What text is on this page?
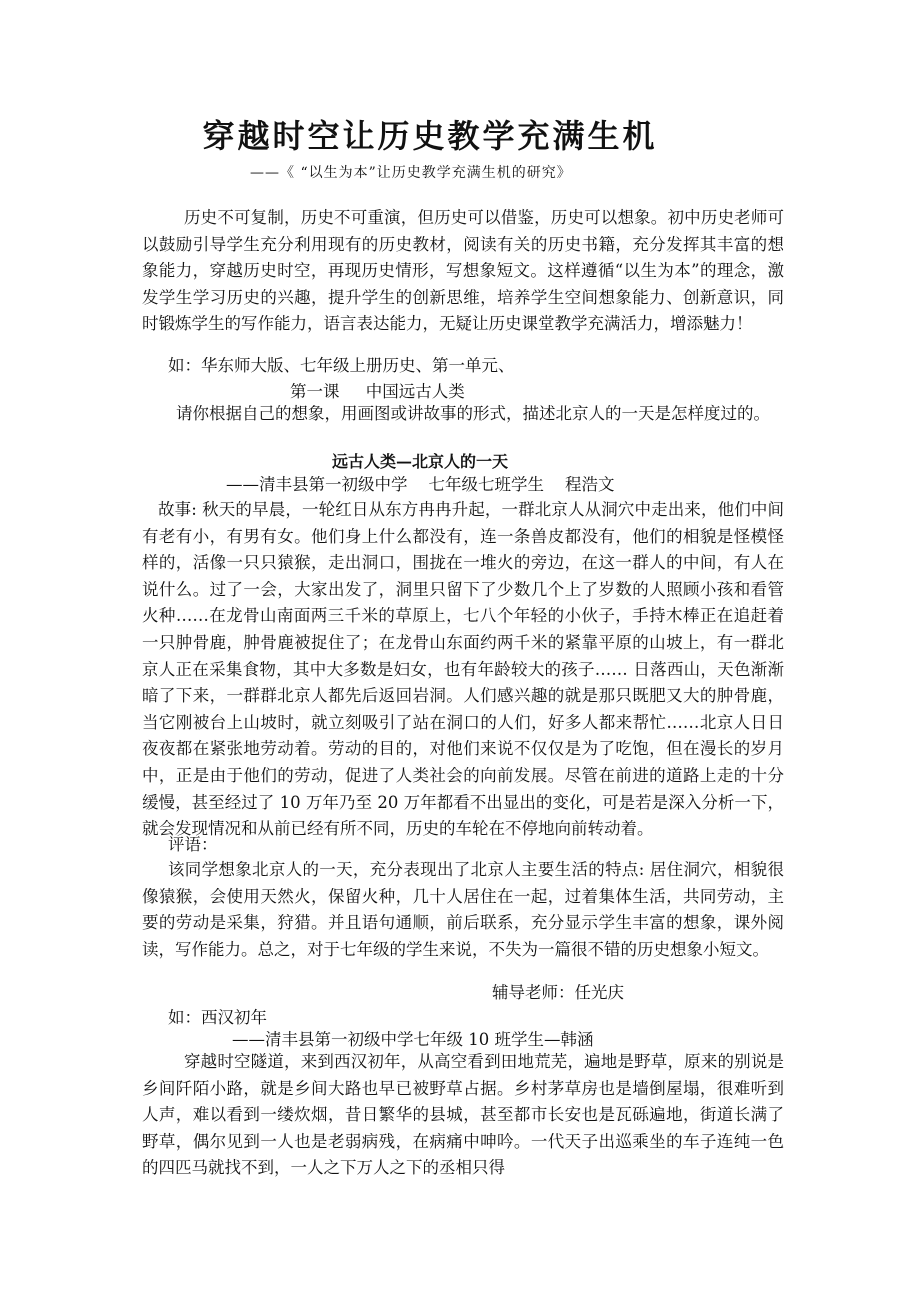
穿越时空让历史教学充满生机
——《 “以生为本”让历史教学充满生机的研究》

历史不可复制，历史不可重演，但历史可以借鉴，历史可以想象。初中历史老师可以鼓励引导学生充分利用现有的历史教材，阅读有关的历史书籍，充分发挥其丰富的想象能力，穿越历史时空，再现历史情形，写想象短文。这样遵循“以生为本”的理念，激发学生学习历史的兴趣，提升学生的创新思维，培养学生空间想象能力、创新意识，同时锻炼学生的写作能力，语言表达能力，无疑让历史课堂教学充满活力，增添魅力！

如：华东师大版、七年级上册历史、第一单元、

第一课     中国远古人类

请你根据自己的想象，用画图或讲故事的形式，描述北京人的一天是怎样度过的。

远古人类—北京人的一天
——清丰县第一初级中学    七年级七班学生    程浩文

故事: 秋天的早晨，一轮红日从东方冉冉升起，一群北京人从洞穴中走出来，他们中间有老有小，有男有女。他们身上什么都没有，连一条兽皮都没有，他们的相貌是怪模怪样的，活像一只只猿猴，走出洞口，围拢在一堆火的旁边，在这一群人的中间，有人在说什么。过了一会，大家出发了，洞里只留下了少数几个上了岁数的人照顾小孩和看管火种……在龙骨山南面两三千米的草原上，七八个年轻的小伙子，手持木棒正在追赶着一只肿骨鹿，肿骨鹿被捉住了；在龙骨山东面约两千米的紧靠平原的山坡上，有一群北京人正在采集食物，其中大多数是妇女，也有年龄较大的孩子…… 日落西山，天色渐渐暗了下来，一群群北京人都先后返回岩洞。人们感兴趣的就是那只既肥又大的肿骨鹿，当它刚被台上山坡时，就立刻吸引了站在洞口的人们，好多人都来帮忙……北京人日日夜夜都在紧张地劳动着。劳动的目的，对他们来说不仅仅是为了吃饱，但在漫长的岁月中，正是由于他们的劳动，促进了人类社会的向前发展。尽管在前进的道路上走的十分缓慢，甚至经过了 10 万年乃至 20 万年都看不出显出的变化，可是若是深入分析一下，就会发现情况和从前已经有所不同，历史的车轮在不停地向前转动着。

评语：

该同学想象北京人的一天，充分表现出了北京人主要生活的特点: 居住洞穴，相貌很像猿猴，会使用天然火，保留火种，几十人居住在一起，过着集体生活，共同劳动，主要的劳动是采集，狩猎。并且语句通顺，前后联系，充分显示学生丰富的想象，课外阅读，写作能力。总之，对于七年级的学生来说，不失为一篇很不错的历史想象小短文。

辅导老师：任光庆

如：西汉初年

——清丰县第一初级中学七年级 10 班学生—韩涵

穿越时空隧道，来到西汉初年，从高空看到田地荒芜，遍地是野草，原来的别说是乡间阡陌小路，就是乡间大路也早已被野草占据。乡村茅草房也是墙倒屋塌，很难听到人声，难以看到一缕炊烟，昔日繁华的县城，甚至都市长安也是瓦砾遍地，街道长满了野草，偶尔见到一人也是老弱病残，在病痛中呻吟。一代天子出巡乘坐的车子连纯一色的四匹马就找不到，一人之下万人之下的丞相只得
